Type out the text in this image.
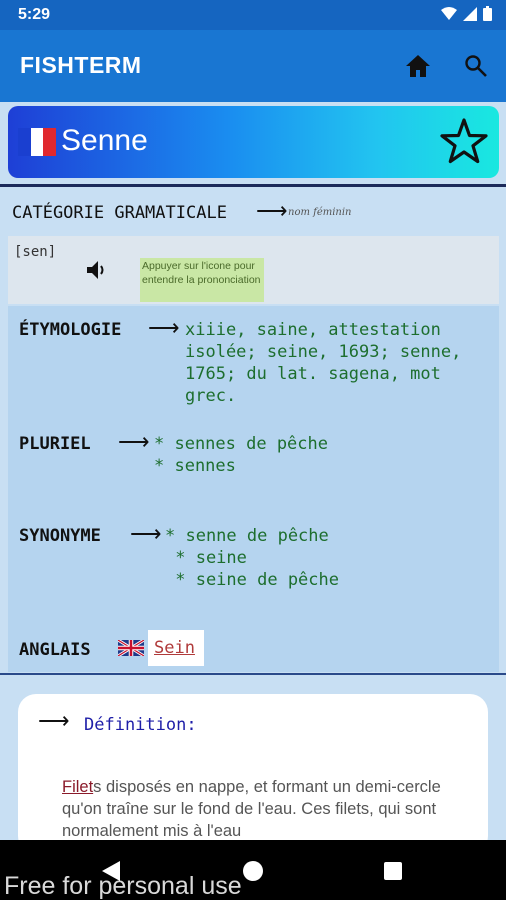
5:29
FISHTERM
Senne
CATÉGORIE GRAMATICALE ⟶ nom féminin
[sen]
Appuyer sur l'icone pour entendre la prononciation
ÉTYMOLOGIE ⟶ xiiie, saine, attestation
isolée; seine, 1693; senne,
1765; du lat. sagena, mot
grec.
PLURIEL ⟶ * sennes de pêche
* sennes
SYNONYME ⟶ * senne de pêche
* seine
* seine de pêche
ANGLAIS	Sein
⟶ Définition:

Filets disposés en nappe, et formant un demi-cercle qu'on traîne sur le fond de l'eau. Ces filets, qui sont normalement mis à l'eau

Free for personal use
